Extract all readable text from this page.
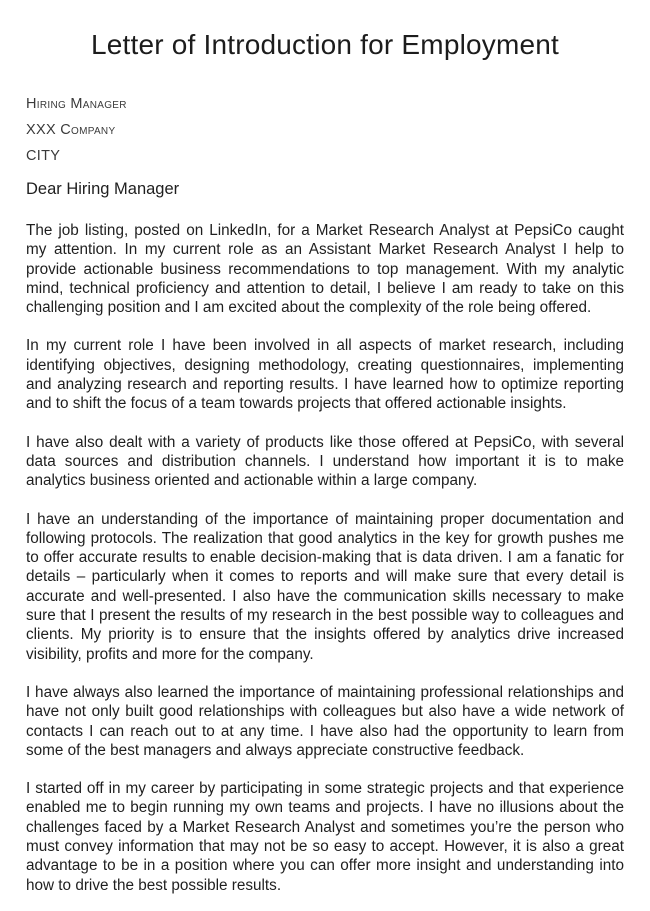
Letter of Introduction for Employment
Hiring Manager
XXX Company
CITY

Dear Hiring Manager

The job listing, posted on LinkedIn, for a Market Research Analyst at PepsiCo caught my attention. In my current role as an Assistant Market Research Analyst I help to provide actionable business recommendations to top management. With my analytic mind, technical proficiency and attention to detail, I believe I am ready to take on this challenging position and I am excited about the complexity of the role being offered.

In my current role I have been involved in all aspects of market research, including identifying objectives, designing methodology, creating questionnaires, implementing and analyzing research and reporting results. I have learned how to optimize reporting and to shift the focus of a team towards projects that offered actionable insights.

I have also dealt with a variety of products like those offered at PepsiCo, with several data sources and distribution channels. I understand how important it is to make analytics business oriented and actionable within a large company.

I have an understanding of the importance of maintaining proper documentation and following protocols. The realization that good analytics in the key for growth pushes me to offer accurate results to enable decision-making that is data driven. I am a fanatic for details – particularly when it comes to reports and will make sure that every detail is accurate and well-presented. I also have the communication skills necessary to make sure that I present the results of my research in the best possible way to colleagues and clients. My priority is to ensure that the insights offered by analytics drive increased visibility, profits and more for the company.

I have always also learned the importance of maintaining professional relationships and have not only built good relationships with colleagues but also have a wide network of contacts I can reach out to at any time. I have also had the opportunity to learn from some of the best managers and always appreciate constructive feedback.

I started off in my career by participating in some strategic projects and that experience enabled me to begin running my own teams and projects. I have no illusions about the challenges faced by a Market Research Analyst and sometimes you’re the person who must convey information that may not be so easy to accept. However, it is also a great advantage to be in a position where you can offer more insight and understanding into how to drive the best possible results.
